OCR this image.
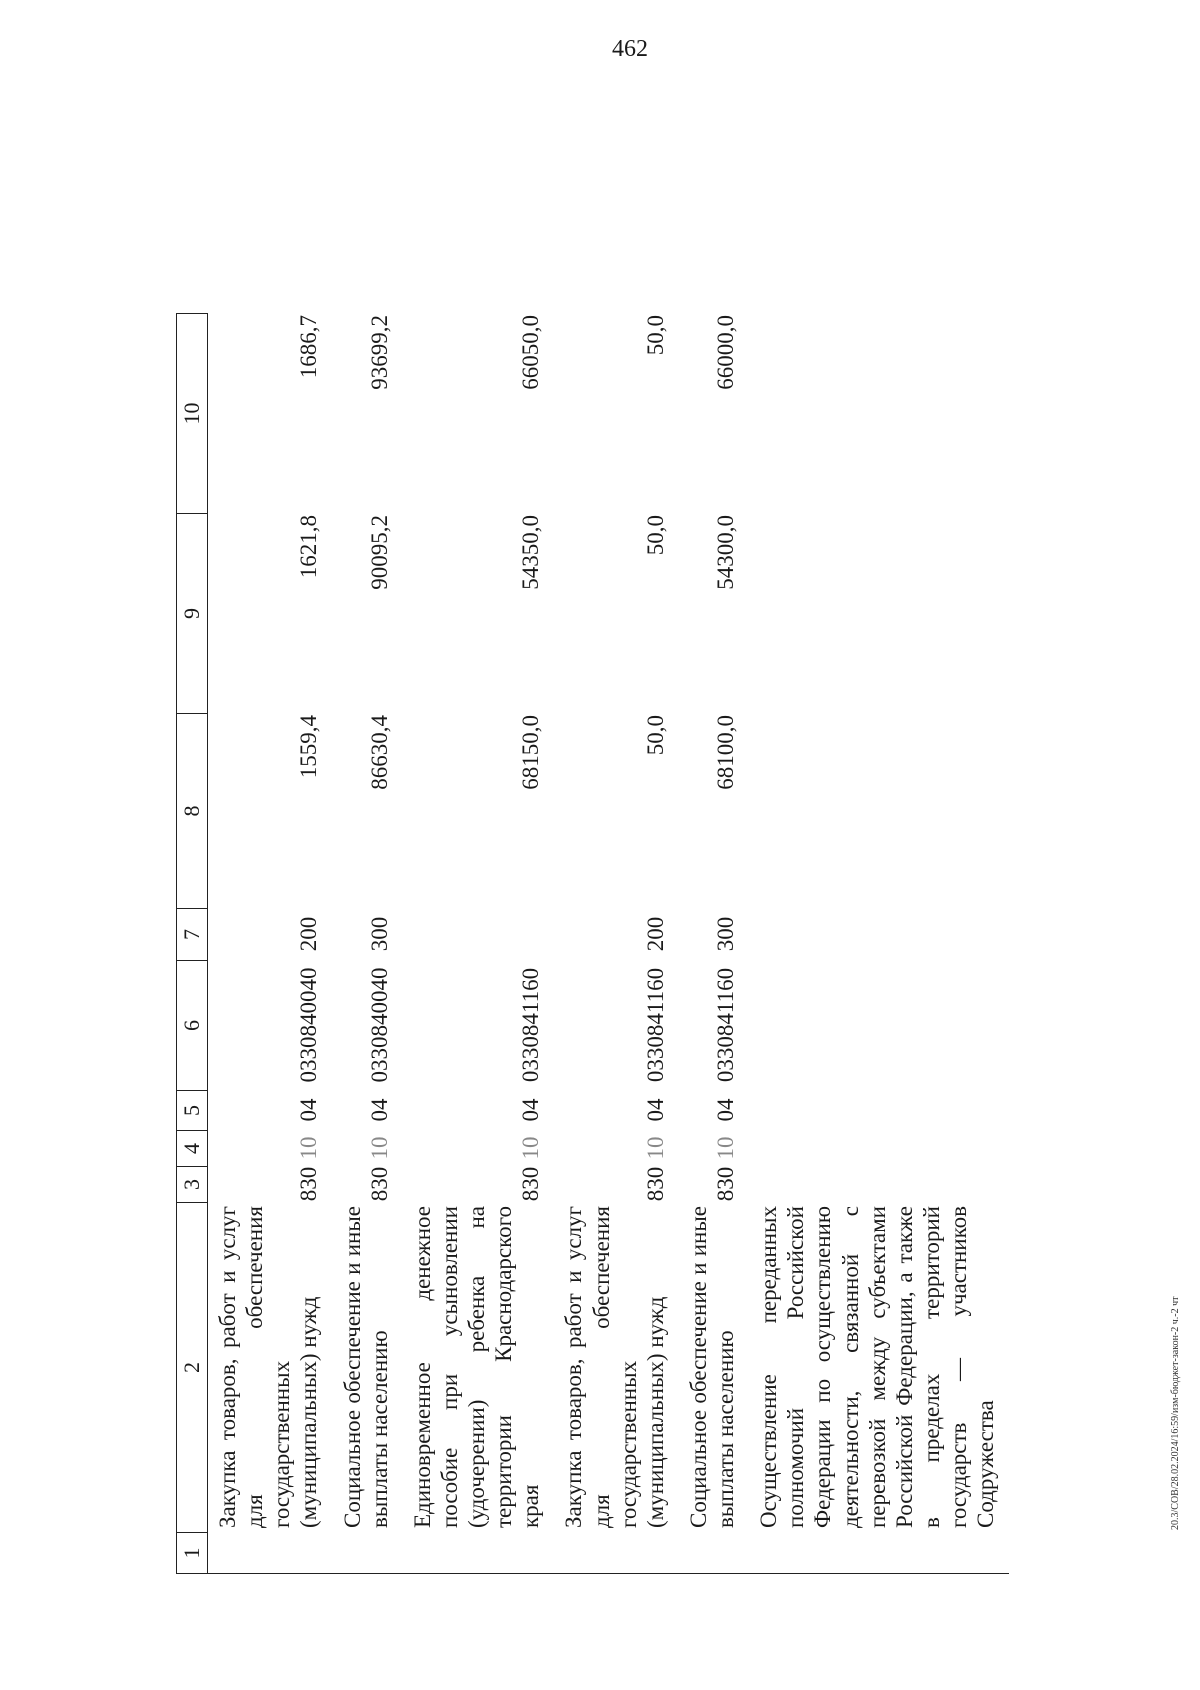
462
20.3/СОВ/28.02.2024/16:59/изм-бюджет-закон-2 ч.-2 чт
1
2
3
4
5
6
7
8
9
10
Закупка товаров, работ и услуг для обеспечения государственных (муниципальных) нужд
830
10
04
0330840040
200
1559,4
1621,8
1686,7
Социальное обеспечение и иные выплаты населению
830
10
04
0330840040
300
86630,4
90095,2
93699,2
Единовременное денежное пособие при усыновлении (удочерении) ребенка на территории Краснодарского края
830
10
04
0330841160
68150,0
54350,0
66050,0
Закупка товаров, работ и услуг для обеспечения государственных (муниципальных) нужд
830
10
04
0330841160
200
50,0
50,0
50,0
Социальное обеспечение и иные выплаты населению
830
10
04
0330841160
300
68100,0
54300,0
66000,0
Осуществление переданных полномочий Российской Федерации по осуществлению деятельности, связанной с перевозкой между субъектами Российской Федерации, а также в пределах территорий государств — участников Содружества
